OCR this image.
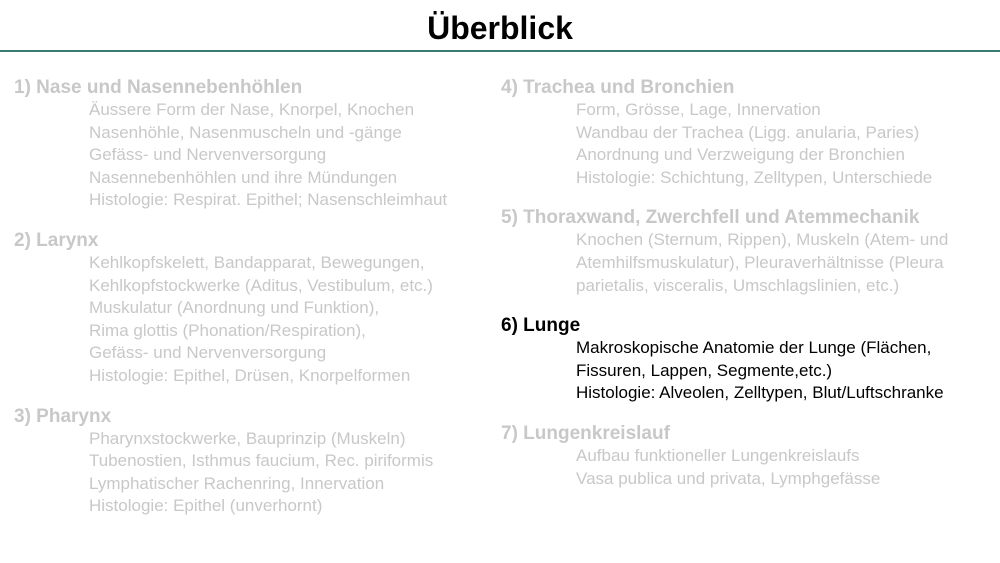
Überblick
1) Nase und Nasennebenhöhlen
Äussere Form der Nase, Knorpel, Knochen
Nasenhöhle, Nasenmuscheln und -gänge
Gefäss- und Nervenversorgung
Nasennebenhöhlen und ihre Mündungen
Histologie: Respirat. Epithel; Nasenschleimhaut
2) Larynx
Kehlkopfskelett, Bandapparat, Bewegungen,
Kehlkopfstockwerke (Aditus, Vestibulum, etc.)
Muskulatur (Anordnung und Funktion),
Rima glottis (Phonation/Respiration),
Gefäss- und Nervenversorgung
Histologie: Epithel, Drüsen, Knorpelformen
3) Pharynx
Pharynxstockwerke, Bauprinzip (Muskeln)
Tubenostien, Isthmus faucium, Rec. piriformis
Lymphatischer Rachenring, Innervation
Histologie: Epithel (unverhornt)
4) Trachea und Bronchien
Form, Grösse, Lage, Innervation
Wandbau der Trachea (Ligg. anularia, Paries)
Anordnung und Verzweigung der Bronchien
Histologie: Schichtung, Zelltypen, Unterschiede
5) Thoraxwand, Zwerchfell und Atemmechanik
Knochen (Sternum, Rippen), Muskeln (Atem- und
Atemhilfsmuskulatur), Pleuraverhältnisse (Pleura
parietalis, visceralis, Umschlagslinien, etc.)
6) Lunge
Makroskopische Anatomie der Lunge (Flächen,
Fissuren, Lappen, Segmente,etc.)
Histologie: Alveolen, Zelltypen, Blut/Luftschranke
7) Lungenkreislauf
Aufbau funktioneller Lungenkreislaufs
Vasa publica und privata, Lymphgefässe
